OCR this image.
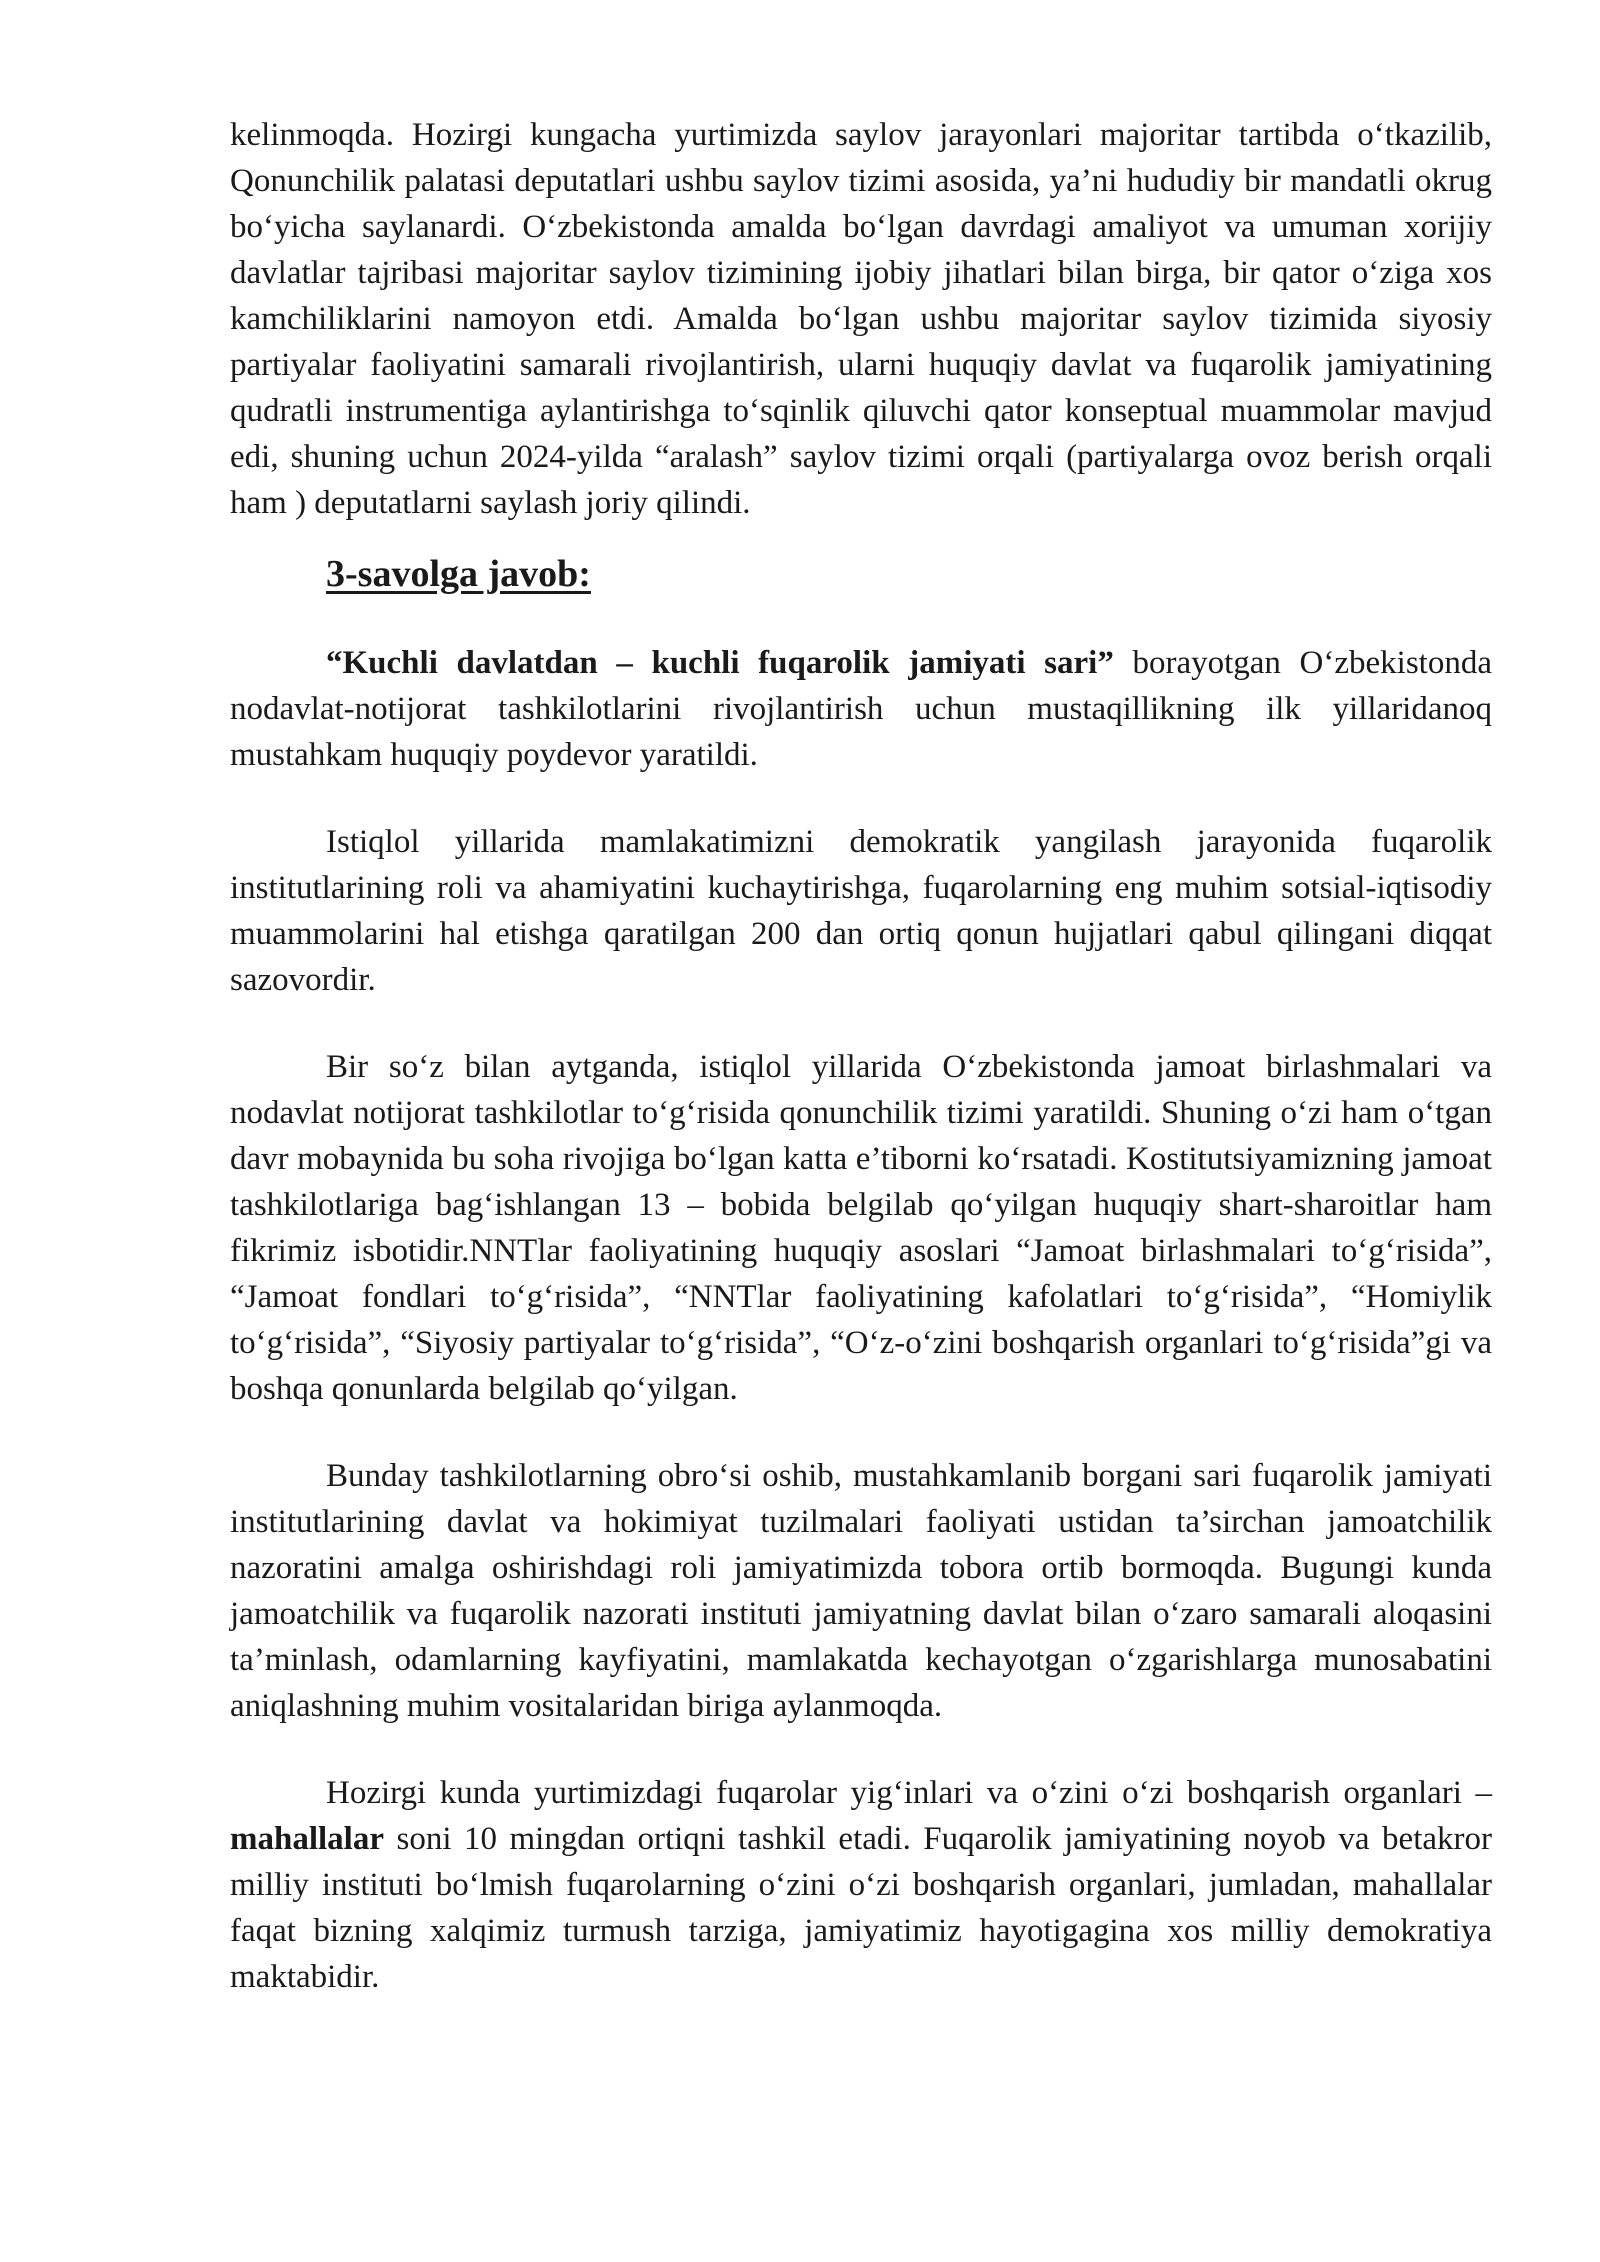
kelinmoqda. Hozirgi kungacha yurtimizda saylov jarayonlari majoritar tartibda o‘tkazilib, Qonunchilik palatasi deputatlari ushbu saylov tizimi asosida, ya’ni hududiy bir mandatli okrug bo‘yicha saylanardi. O‘zbekistonda amalda bo‘lgan davrdagi amaliyot va umuman xorijiy davlatlar tajribasi majoritar saylov tizimining ijobiy jihatlari bilan birga, bir qator o‘ziga xos kamchiliklarini namoyon etdi. Amalda bo‘lgan ushbu majoritar saylov tizimida siyosiy partiyalar faoliyatini samarali rivojlantirish, ularni huquqiy davlat va fuqarolik jamiyatining qudratli instrumentiga aylantirishga to‘sqinlik qiluvchi qator konseptual muammolar mavjud edi, shuning uchun 2024-yilda “aralash” saylov tizimi orqali (partiyalarga ovoz berish orqali ham ) deputatlarni saylash joriy qilindi.

3-savolga javob:

“Kuchli davlatdan – kuchli fuqarolik jamiyati sari” borayotgan O‘zbekistonda nodavlat-notijorat tashkilotlarini rivojlantirish uchun mustaqillikning ilk yillaridanoq mustahkam huquqiy poydevor yaratildi.

Istiqlol yillarida mamlakatimizni demokratik yangilash jarayonida fuqarolik institutlarining roli va ahamiyatini kuchaytirishga, fuqarolarning eng muhim sotsial-iqtisodiy muammolarini hal etishga qaratilgan 200 dan ortiq qonun hujjatlari qabul qilingani diqqat sazovordir.

Bir so‘z bilan aytganda, istiqlol yillarida O‘zbekistonda jamoat birlashmalari va nodavlat notijorat tashkilotlar to‘g‘risida qonunchilik tizimi yaratildi. Shuning o‘zi ham o‘tgan davr mobaynida bu soha rivojiga bo‘lgan katta e’tiborni ko‘rsatadi. Kostitutsiyamizning jamoat tashkilotlariga bag‘ishlangan 13 – bobida belgilab qo‘yilgan huquqiy shart-sharoitlar ham fikrimiz isbotidir.NNTlar faoliyatining huquqiy asoslari “Jamoat birlashmalari to‘g‘risida”, “Jamoat fondlari to‘g‘risida”, “NNTlar faoliyatining kafolatlari to‘g‘risida”, “Homiylik to‘g‘risida”, “Siyosiy partiyalar to‘g‘risida”, “O‘z-o‘zini boshqarish organlari to‘g‘risida”gi va boshqa qonunlarda belgilab qo‘yilgan.

Bunday tashkilotlarning obro‘si oshib, mustahkamlanib borgani sari fuqarolik jamiyati institutlarining davlat va hokimiyat tuzilmalari faoliyati ustidan ta’sirchan jamoatchilik nazoratini amalga oshirishdagi roli jamiyatimizda tobora ortib bormoqda. Bugungi kunda jamoatchilik va fuqarolik nazorati instituti jamiyatning davlat bilan o‘zaro samarali aloqasini ta’minlash, odamlarning kayfiyatini, mamlakatda kechayotgan o‘zgarishlarga munosabatini aniqlashning muhim vositalaridan biriga aylanmoqda.

Hozirgi kunda yurtimizdagi fuqarolar yig‘inlari va o‘zini o‘zi boshqarish organlari – mahallalar soni 10 mingdan ortiqni tashkil etadi. Fuqarolik jamiyatining noyob va betakror milliy instituti bo‘lmish fuqarolarning o‘zini o‘zi boshqarish organlari, jumladan, mahallalar faqat bizning xalqimiz turmush tarziga, jamiyatimiz hayotigagina xos milliy demokratiya maktabidir.
